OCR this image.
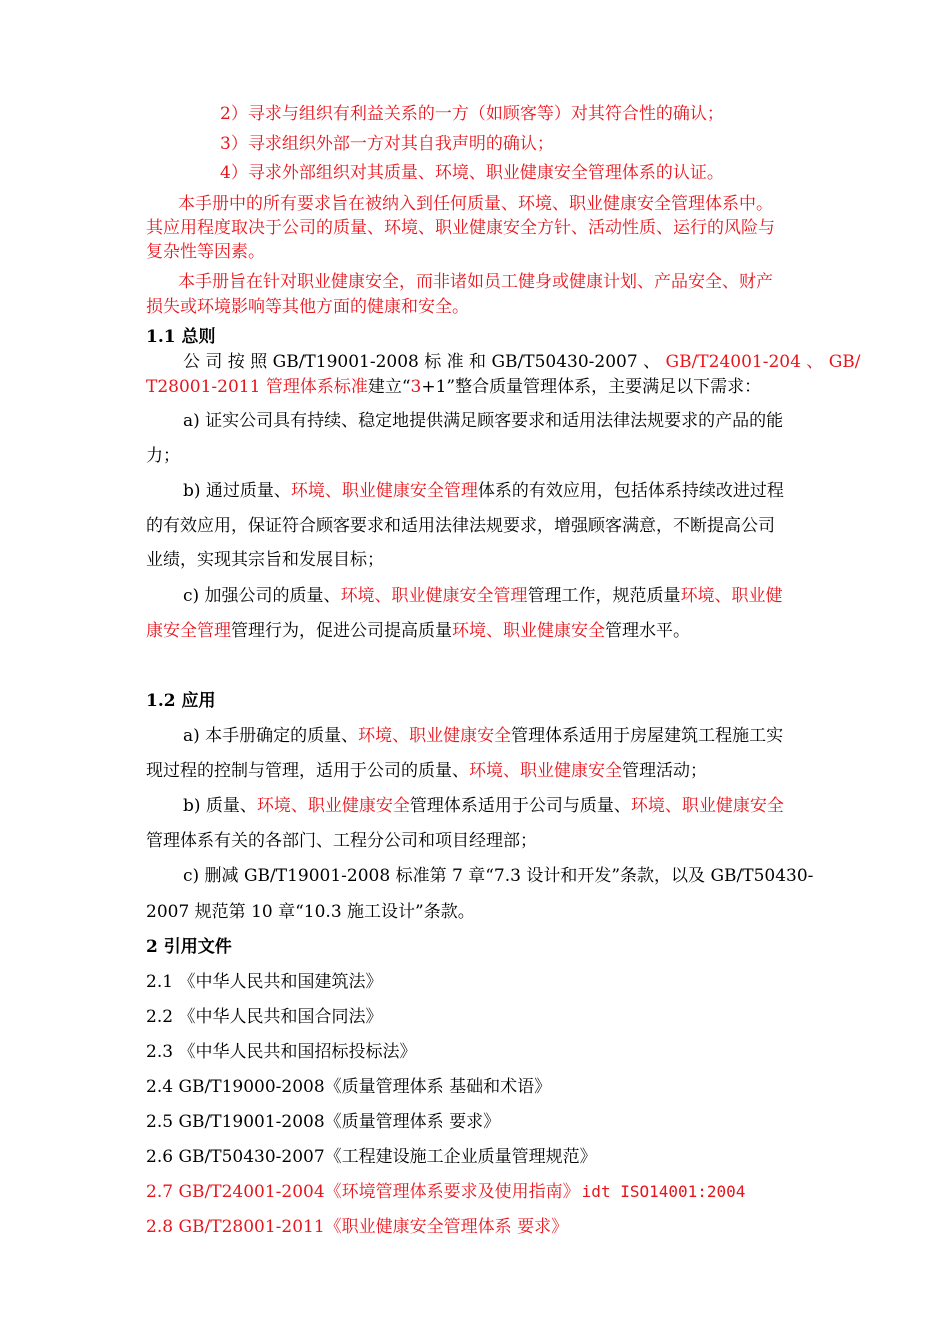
2）寻求与组织有利益关系的一方（如顾客等）对其符合性的确认；
3）寻求组织外部一方对其自我声明的确认；
4）寻求外部组织对其质量、环境、职业健康安全管理体系的认证。
本手册中的所有要求旨在被纳入到任何质量、环境、职业健康安全管理体系中。
其应用程度取决于公司的质量、环境、职业健康安全方针、活动性质、运行的风险与
复杂性等因素。
本手册旨在针对职业健康安全，而非诸如员工健身或健康计划、产品安全、财产
损失或环境影响等其他方面的健康和安全。
1.1 总则
公 司 按 照 GB/T19001-2008 标 准 和 GB/T50430-2007 、 GB/T24001-204 、 GB/
T28001-2011 管理体系标准建立“3+1”整合质量管理体系，主要满足以下需求：
a) 证实公司具有持续、稳定地提供满足顾客要求和适用法律法规要求的产品的能
力；
b) 通过质量、环境、职业健康安全管理体系的有效应用，包括体系持续改进过程
的有效应用，保证符合顾客要求和适用法律法规要求，增强顾客满意，不断提高公司
业绩，实现其宗旨和发展目标；
c) 加强公司的质量、环境、职业健康安全管理管理工作，规范质量环境、职业健
康安全管理管理行为，促进公司提高质量环境、职业健康安全管理水平。
1.2 应用
a) 本手册确定的质量、环境、职业健康安全管理体系适用于房屋建筑工程施工实
现过程的控制与管理，适用于公司的质量、环境、职业健康安全管理活动；
b) 质量、环境、职业健康安全管理体系适用于公司与质量、环境、职业健康安全
管理体系有关的各部门、工程分公司和项目经理部；
c) 删减 GB/T19001-2008 标准第 7 章“7.3 设计和开发”条款，以及 GB/T50430-
2007 规范第 10 章“10.3 施工设计”条款。
2 引用文件
2.1 《中华人民共和国建筑法》
2.2 《中华人民共和国合同法》
2.3 《中华人民共和国招标投标法》
2.4 GB/T19000-2008《质量管理体系 基础和术语》
2.5 GB/T19001-2008《质量管理体系 要求》
2.6 GB/T50430-2007《工程建设施工企业质量管理规范》
2.7 GB/T24001-2004《环境管理体系要求及使用指南》 idt ISO14001:2004
2.8 GB/T28001-2011《职业健康安全管理体系 要求》
